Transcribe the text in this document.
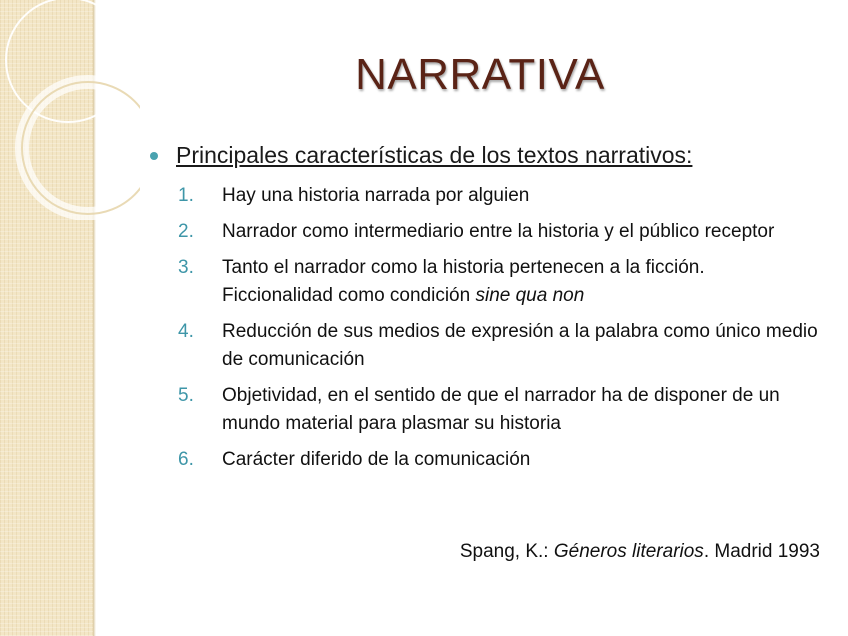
NARRATIVA
Principales características de los textos narrativos:
1.	Hay una historia narrada por alguien
2.	Narrador como intermediario entre la historia y el público receptor
3.	Tanto el narrador como la historia pertenecen a la ficción. Ficcionalidad como condición sine qua non
4.	Reducción de sus medios de expresión a la palabra como único medio de comunicación
5.	Objetividad, en el sentido de que el narrador ha de disponer de un mundo material para plasmar su historia
6.	Carácter diferido de la comunicación
Spang, K.: Géneros literarios. Madrid 1993
